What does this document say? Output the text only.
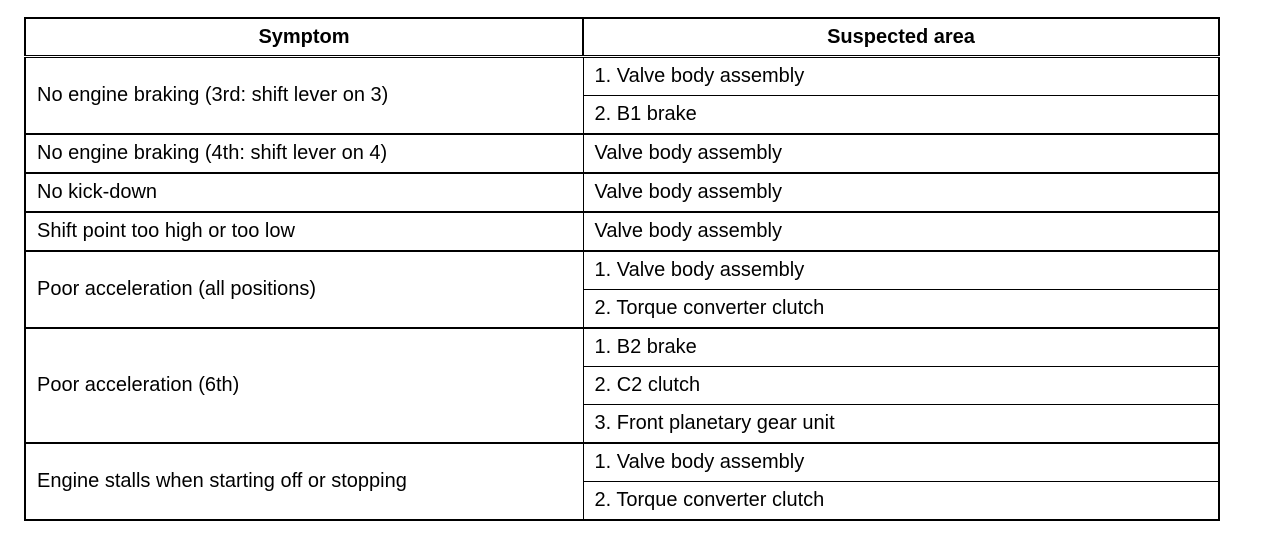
Symptom	Suspected area
No engine braking (3rd: shift lever on 3)	1. Valve body assembly
	2. B1 brake
No engine braking (4th: shift lever on 4)	Valve body assembly
No kick-down	Valve body assembly
Shift point too high or too low	Valve body assembly
Poor acceleration (all positions)	1. Valve body assembly
	2. Torque converter clutch
Poor acceleration (6th)	1. B2 brake
	2. C2 clutch
	3. Front planetary gear unit
Engine stalls when starting off or stopping	1. Valve body assembly
	2. Torque converter clutch
